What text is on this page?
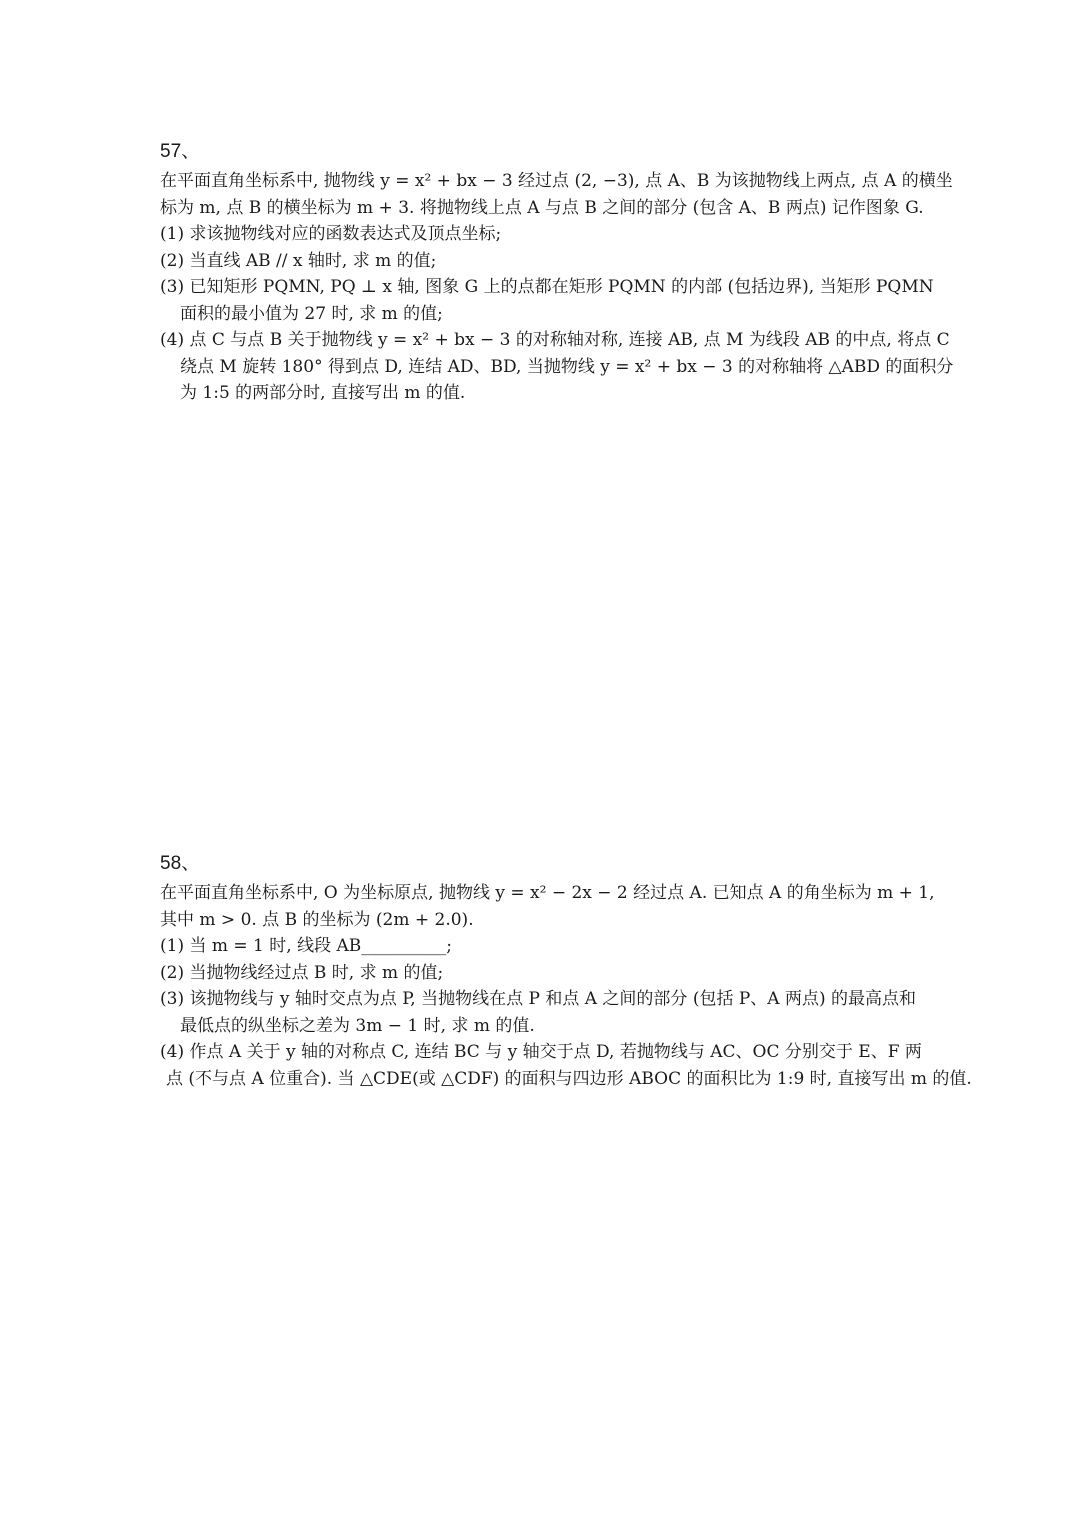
57、
在平面直角坐标系中, 抛物线 y = x² + bx − 3 经过点 (2, −3), 点 A、B 为该抛物线上两点, 点 A 的横坐
标为 m, 点 B 的横坐标为 m + 3. 将抛物线上点 A 与点 B 之间的部分 (包含 A、B 两点) 记作图象 G.
(1) 求该抛物线对应的函数表达式及顶点坐标;
(2) 当直线 AB // x 轴时, 求 m 的值;
(3) 已知矩形 PQMN, PQ ⊥ x 轴, 图象 G 上的点都在矩形 PQMN 的内部 (包括边界), 当矩形 PQMN
面积的最小值为 27 时, 求 m 的值;
(4) 点 C 与点 B 关于抛物线 y = x² + bx − 3 的对称轴对称, 连接 AB, 点 M 为线段 AB 的中点, 将点 C
绕点 M 旋转 180° 得到点 D, 连结 AD、BD, 当抛物线 y = x² + bx − 3 的对称轴将 △ABD 的面积分
为 1:5 的两部分时, 直接写出 m 的值.
58、
在平面直角坐标系中, O 为坐标原点, 抛物线 y = x² − 2x − 2 经过点 A. 已知点 A 的角坐标为 m + 1,
其中 m > 0. 点 B 的坐标为 (2m + 2.0).
(1) 当 m = 1 时, 线段 AB__________;
(2) 当抛物线经过点 B 时, 求 m 的值;
(3) 该抛物线与 y 轴时交点为点 P, 当抛物线在点 P 和点 A 之间的部分 (包括 P、A 两点) 的最高点和
最低点的纵坐标之差为 3m − 1 时, 求 m 的值.
(4) 作点 A 关于 y 轴的对称点 C, 连结 BC 与 y 轴交于点 D, 若抛物线与 AC、OC 分别交于 E、F 两
点 (不与点 A 位重合). 当 △CDE(或 △CDF) 的面积与四边形 ABOC 的面积比为 1:9 时, 直接写出 m 的值.
